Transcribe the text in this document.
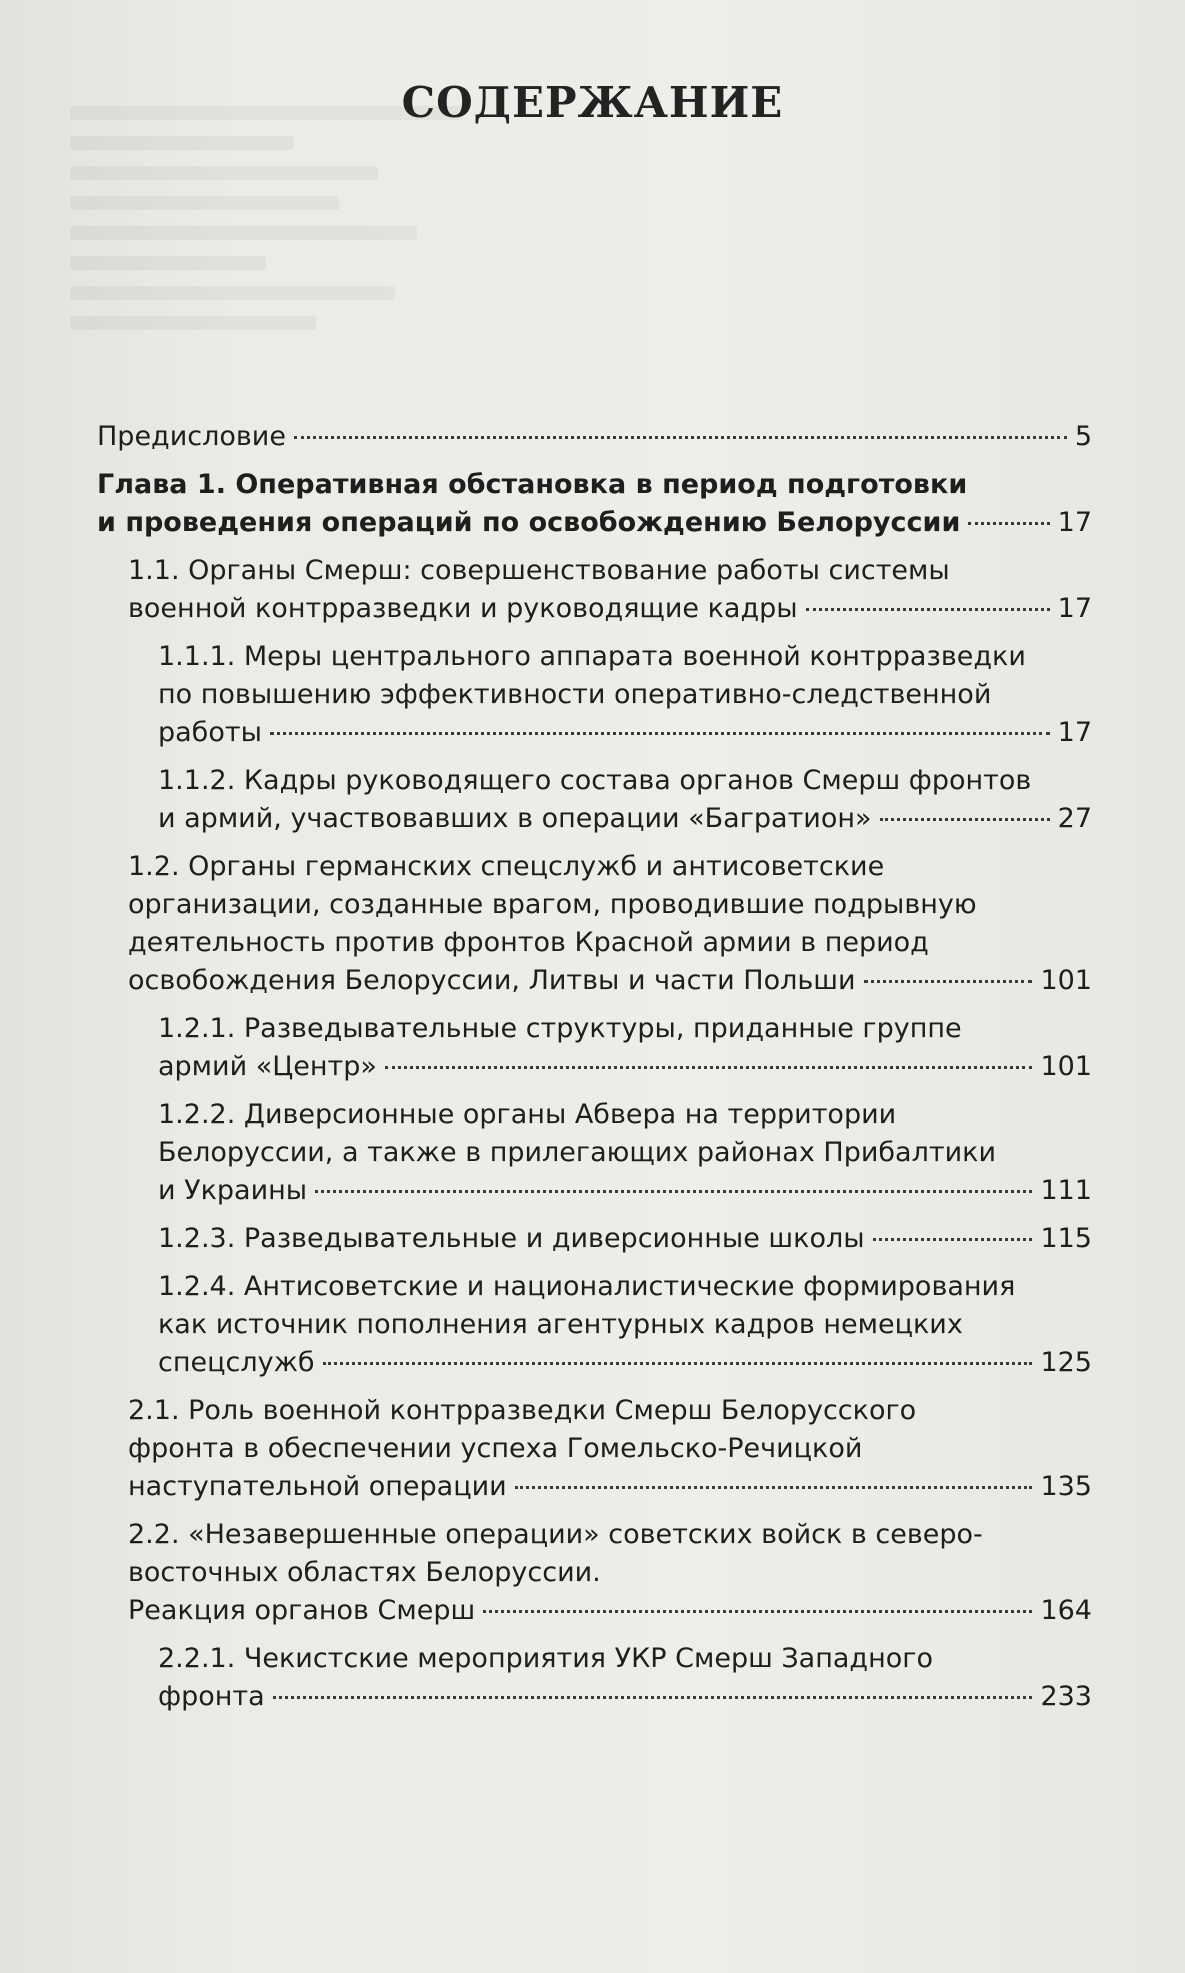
СОДЕРЖАНИЕ
Предисловие	5
Глава 1. Оперативная обстановка в период подготовки
и проведения операций по освобождению Белоруссии	17
1.1. Органы Смерш: совершенствование работы системы
военной контрразведки и руководящие кадры	17
1.1.1. Меры центрального аппарата военной контрразведки
по повышению эффективности оперативно-следственной
работы	17
1.1.2. Кадры руководящего состава органов Смерш фронтов
и армий, участвовавших в операции «Багратион»	27
1.2. Органы германских спецслужб и антисоветские
организации, созданные врагом, проводившие подрывную
деятельность против фронтов Красной армии в период
освобождения Белоруссии, Литвы и части Польши	101
1.2.1. Разведывательные структуры, приданные группе
армий «Центр»	101
1.2.2. Диверсионные органы Абвера на территории
Белоруссии, а также в прилегающих районах Прибалтики
и Украины	111
1.2.3. Разведывательные и диверсионные школы	115
1.2.4. Антисоветские и националистические формирования
как источник пополнения агентурных кадров немецких
спецслужб	125
2.1. Роль военной контрразведки Смерш Белорусского
фронта в обеспечении успеха Гомельско-Речицкой
наступательной операции	135
2.2. «Незавершенные операции» советских войск в северо-
восточных областях Белоруссии.
Реакция органов Смерш	164
2.2.1. Чекистские мероприятия УКР Смерш Западного
фронта	233
